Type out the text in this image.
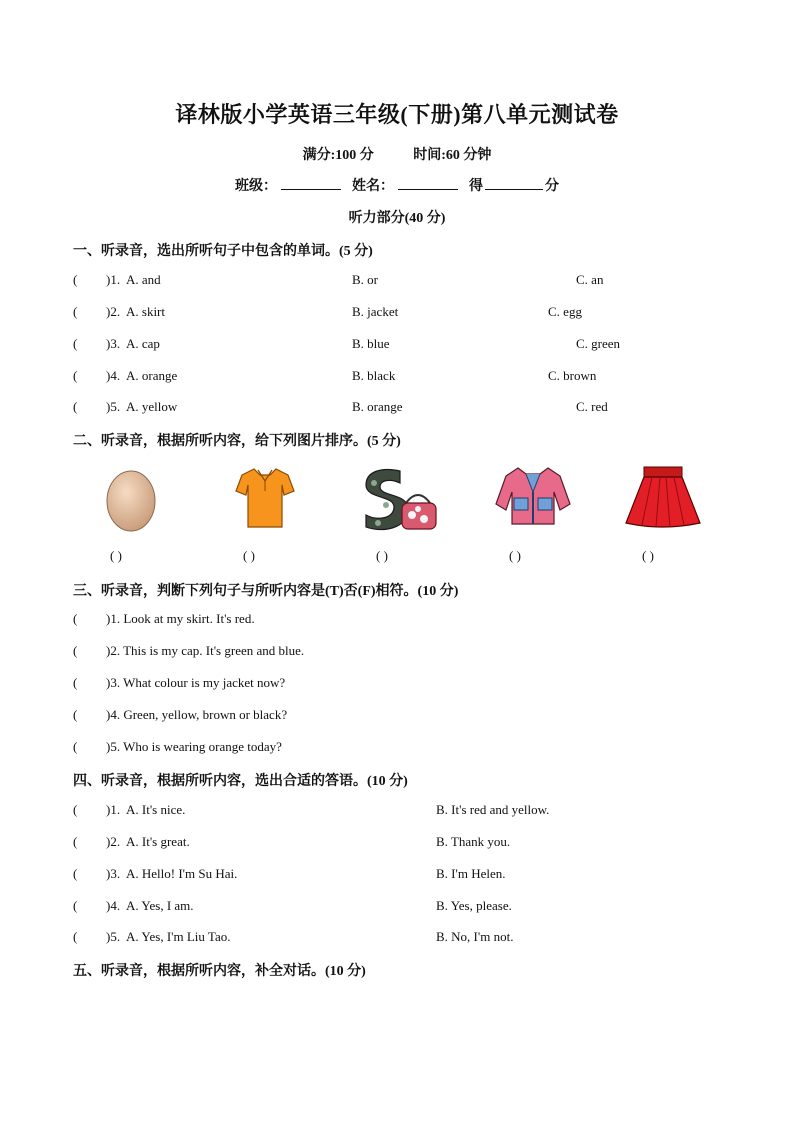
译林版小学英语三年级(下册)第八单元测试卷
满分:100 分	时间:60 分钟
班级：	姓名：	得	分
听力部分(40 分)
一、听录音，选出所听句子中包含的单词。(5 分)
( )1. A. and	B. or	C. an
( )2. A. skirt	B. jacket	C. egg
( )3. A. cap	B. blue	C. green
( )4. A. orange	B. black	C. brown
( )5. A. yellow	B. orange	C. red
二、听录音，根据所听内容，给下列图片排序。(5 分)
( )	( )	( )	( )	( )
三、听录音，判断下列句子与所听内容是(T)否(F)相符。(10 分)
( )1. Look at my skirt. It's red.
( )2. This is my cap. It's green and blue.
( )3. What colour is my jacket now?
( )4. Green, yellow, brown or black?
( )5. Who is wearing orange today?
四、听录音，根据所听内容，选出合适的答语。(10 分)
( )1. A. It's nice.	B. It's red and yellow.
( )2. A. It's great.	B. Thank you.
( )3. A. Hello! I'm Su Hai.	B. I'm Helen.
( )4. A. Yes, I am.	B. Yes, please.
( )5. A. Yes, I'm Liu Tao.	B. No, I'm not.
五、听录音，根据所听内容，补全对话。(10 分)
